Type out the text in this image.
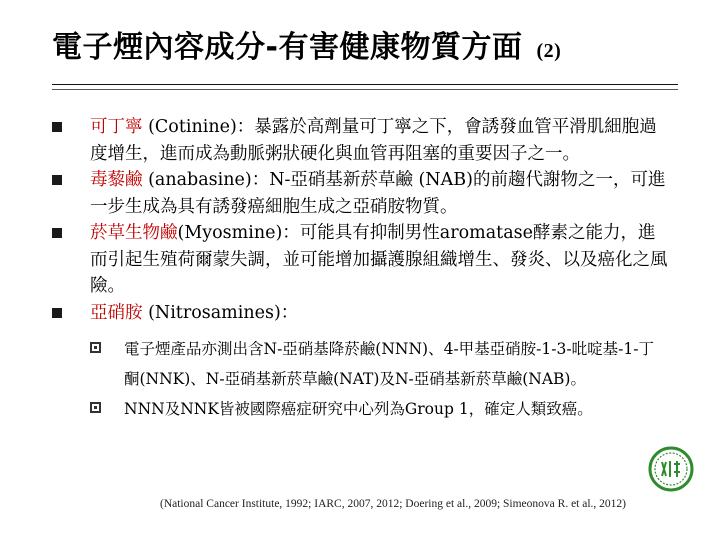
電子煙內容成分-有害健康物質方面 (2)
可丁寧 (Cotinine)：暴露於高劑量可丁寧之下，會誘發血管平滑肌細胞過度增生，進而成為動脈粥狀硬化與血管再阻塞的重要因子之一。
毒藜鹼 (anabasine)：N-亞硝基新菸草鹼 (NAB)的前趨代謝物之一，可進一步生成為具有誘發癌細胞生成之亞硝胺物質。
菸草生物鹼(Myosmine)：可能具有抑制男性aromatase酵素之能力，進而引起生殖荷爾蒙失調，並可能增加攝護腺組織增生、發炎、以及癌化之風險。
亞硝胺 (Nitrosamines)：
電子煙產品亦測出含N-亞硝基降菸鹼(NNN)、4-甲基亞硝胺-1-3-吡啶基-1-丁酮(NNK)、N-亞硝基新菸草鹼(NAT)及N-亞硝基新菸草鹼(NAB)。
NNN及NNK皆被國際癌症研究中心列為Group 1，確定人類致癌。
(National Cancer Institute, 1992; IARC, 2007, 2012; Doering et al., 2009; Simeonova R. et al., 2012)
